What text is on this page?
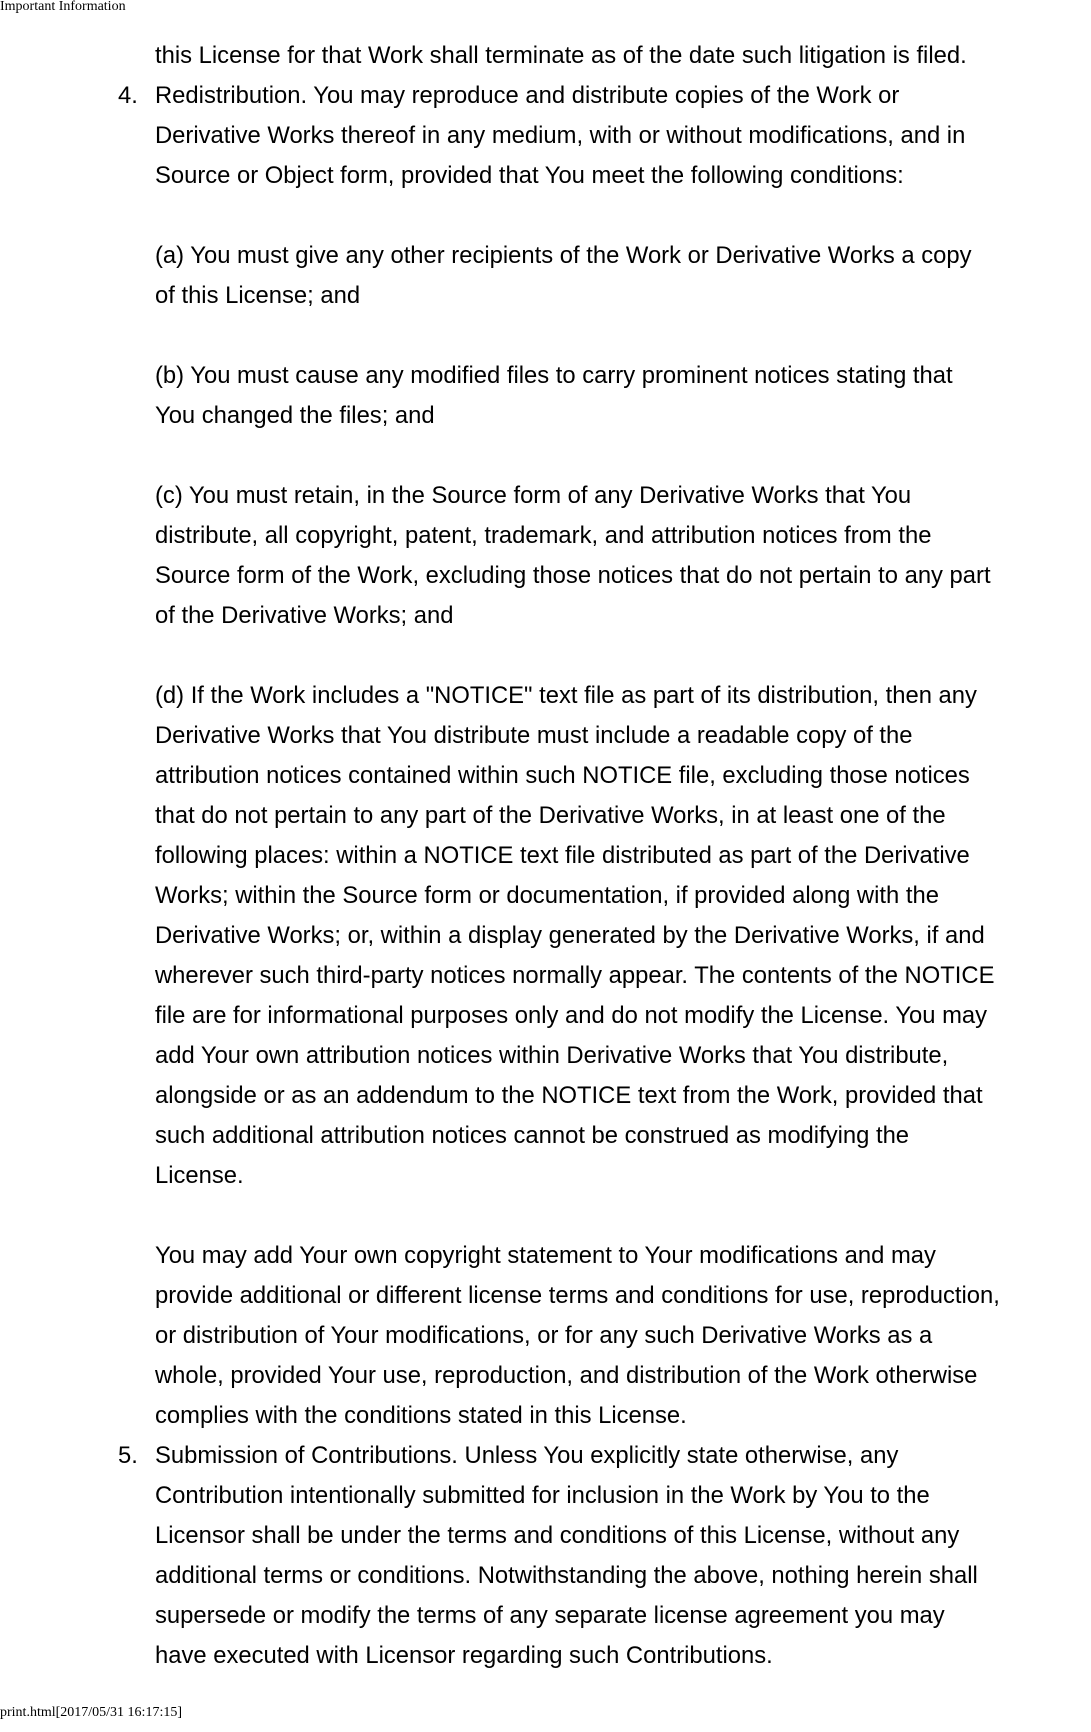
Important Information
this License for that Work shall terminate as of the date such litigation is filed.
4. Redistribution. You may reproduce and distribute copies of the Work or
Derivative Works thereof in any medium, with or without modifications, and in
Source or Object form, provided that You meet the following conditions:
(a) You must give any other recipients of the Work or Derivative Works a copy
of this License; and
(b) You must cause any modified files to carry prominent notices stating that
You changed the files; and
(c) You must retain, in the Source form of any Derivative Works that You
distribute, all copyright, patent, trademark, and attribution notices from the
Source form of the Work, excluding those notices that do not pertain to any part
of the Derivative Works; and
(d) If the Work includes a "NOTICE" text file as part of its distribution, then any
Derivative Works that You distribute must include a readable copy of the
attribution notices contained within such NOTICE file, excluding those notices
that do not pertain to any part of the Derivative Works, in at least one of the
following places: within a NOTICE text file distributed as part of the Derivative
Works; within the Source form or documentation, if provided along with the
Derivative Works; or, within a display generated by the Derivative Works, if and
wherever such third-party notices normally appear. The contents of the NOTICE
file are for informational purposes only and do not modify the License. You may
add Your own attribution notices within Derivative Works that You distribute,
alongside or as an addendum to the NOTICE text from the Work, provided that
such additional attribution notices cannot be construed as modifying the
License.
You may add Your own copyright statement to Your modifications and may
provide additional or different license terms and conditions for use, reproduction,
or distribution of Your modifications, or for any such Derivative Works as a
whole, provided Your use, reproduction, and distribution of the Work otherwise
complies with the conditions stated in this License.
5. Submission of Contributions. Unless You explicitly state otherwise, any
Contribution intentionally submitted for inclusion in the Work by You to the
Licensor shall be under the terms and conditions of this License, without any
additional terms or conditions. Notwithstanding the above, nothing herein shall
supersede or modify the terms of any separate license agreement you may
have executed with Licensor regarding such Contributions.
print.html[2017/05/31 16:17:15]
